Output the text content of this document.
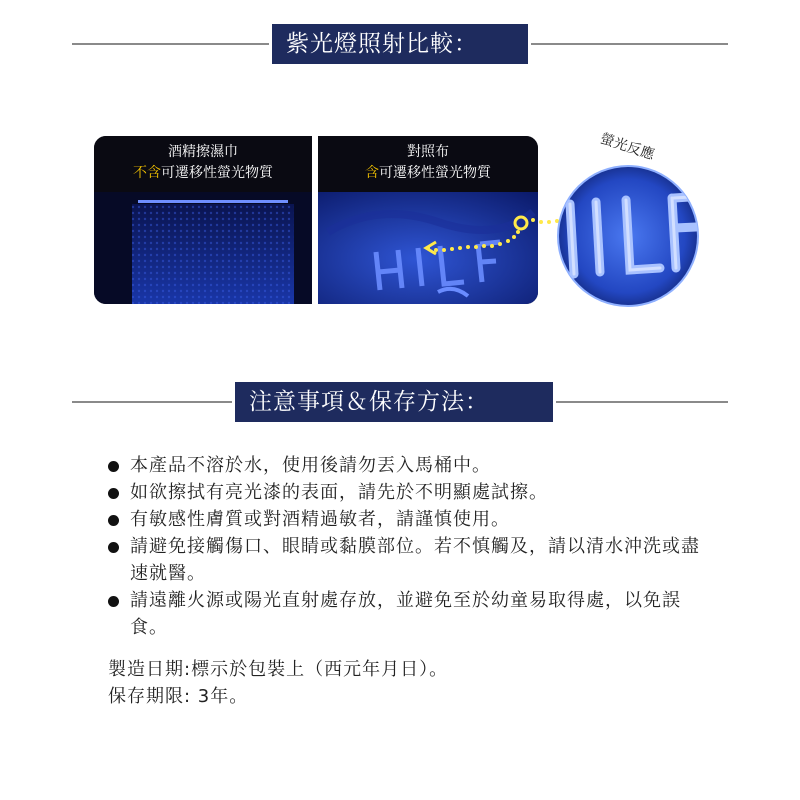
紫光燈照射比較：
酒精擦濕巾
不含可遷移性螢光物質
對照布
含可遷移性螢光物質
螢光反應
注意事項＆保存方法：
本產品不溶於水，使用後請勿丟入馬桶中。
如欲擦拭有亮光漆的表面，請先於不明顯處試擦。
有敏感性膚質或對酒精過敏者，請謹慎使用。
請避免接觸傷口、眼睛或黏膜部位。若不慎觸及，請以清水沖洗或盡速就醫。
請遠離火源或陽光直射處存放，並避免至於幼童易取得處，以免誤食。
製造日期:標示於包裝上（西元年月日）。
保存期限: 3年。
